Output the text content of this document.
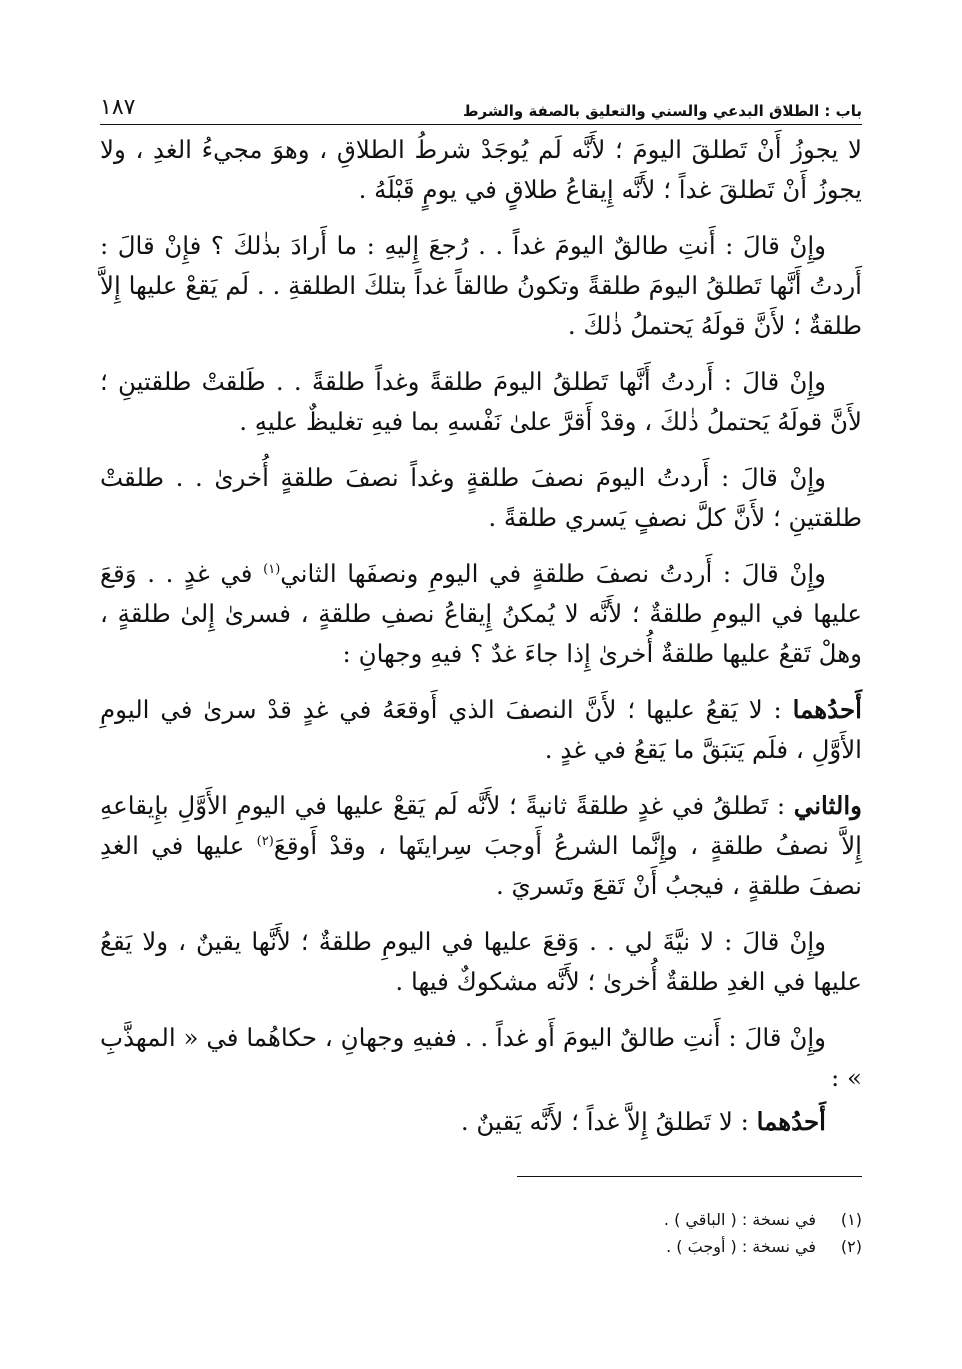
باب : الطلاق البدعي والسني والتعليق بالصفة والشرط
١٨٧

لا يجوزُ أَنْ تَطلقَ اليومَ ؛ لأَنَّه لَم يُوجَدْ شرطُ الطلاقِ ، وهوَ مجيءُ الغدِ ، ولا يجوزُ أَنْ تَطلقَ غداً ؛ لأَنَّه إِيقاعُ طلاقٍ في يومٍ قَبْلَهُ .

وإِنْ قالَ : أَنتِ طالقٌ اليومَ غداً . . رُجعَ إِليهِ : ما أَرادَ بذٰلكَ ؟ فإِنْ قالَ : أَردتُ أَنَّها تَطلقُ اليومَ طلقةً وتكونُ طالقاً غداً بتلكَ الطلقةِ . . لَم يَقعْ عليها إِلاَّ طلقةٌ ؛ لأَنَّ قولَهُ يَحتملُ ذٰلكَ .

وإِنْ قالَ : أَردتُ أَنَّها تَطلقُ اليومَ طلقةً وغداً طلقةً . . طَلقتْ طلقتينِ ؛ لأَنَّ قولَهُ يَحتملُ ذٰلكَ ، وقدْ أَقرَّ علىٰ نَفْسهِ بما فيهِ تغليظٌ عليهِ .

وإِنْ قالَ : أَردتُ اليومَ نصفَ طلقةٍ وغداً نصفَ طلقةٍ أُخرىٰ . . طلقتْ طلقتينِ ؛ لأَنَّ كلَّ نصفٍ يَسري طلقةً .

وإِنْ قالَ : أَردتُ نصفَ طلقةٍ في اليومِ ونصفَها الثاني$^{(١)}$ في غدٍ . . وَقعَ عليها في اليومِ طلقةٌ ؛ لأَنَّه لا يُمكنُ إِيقاعُ نصفِ طلقةٍ ، فسرىٰ إِلىٰ طلقةٍ ، وهلْ تَقعُ عليها طلقةٌ أُخرىٰ إِذا جاءَ غدٌ ؟ فيهِ وجهانِ :

أَحدُهما : لا يَقعُ عليها ؛ لأَنَّ النصفَ الذي أَوقعَهُ في غدٍ قدْ سرىٰ في اليومِ الأَوَّلِ ، فلَم يَتبَقَّ ما يَقعُ في غدٍ .

والثاني : تَطلقُ في غدٍ طلقةً ثانيةً ؛ لأَنَّه لَم يَقعْ عليها في اليومِ الأَوَّلِ بإِيقاعهِ إِلاَّ نصفُ طلقةٍ ، وإِنَّما الشرعُ أَوجبَ سِرايتَها ، وقدْ أَوقعَ$^{(٢)}$ عليها في الغدِ نصفَ طلقةٍ ، فيجبُ أَنْ تَقعَ وتَسريَ .

وإِنْ قالَ : لا نيَّةَ لي . . وَقعَ عليها في اليومِ طلقةٌ ؛ لأَنَّها يقينٌ ، ولا يَقعُ عليها في الغدِ طلقةٌ أُخرىٰ ؛ لأَنَّه مشكوكٌ فيها .

وإِنْ قالَ : أَنتِ طالقٌ اليومَ أَو غداً . . ففيهِ وجهانِ ، حكاهُما في « المهذَّبِ » :

أَحدُهما : لا تَطلقُ إِلاَّ غداً ؛ لأَنَّه يَقينٌ .

(١)
في نسخة : ( الباقي ) .
(٢)
في نسخة : ( أوجبَ ) .
